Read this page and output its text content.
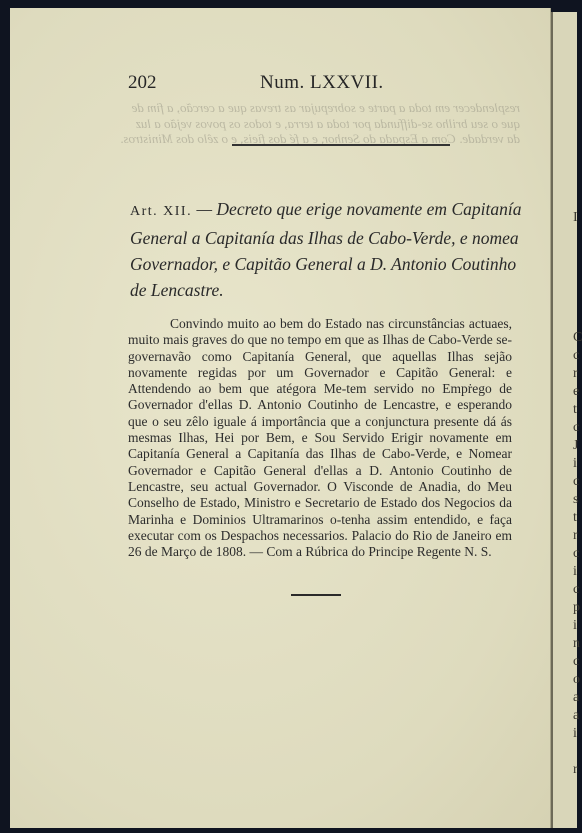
I
C
c
r
e
t
c
J
i
c
s
t
r
c
i
c
p
i
n
c
o
a
a
i
r
resplendecer em toda a parte e sobrepujar as trevas que a cercão, a fim de que o seu brilho se-diffunda por toda a terra, e todos os povos vejão a luz da verdade. Com a Espada do Senhor, e a fé dos fieis, e o zêlo dos Ministros.
202	Num. LXXVII.
Art. XII. — Decreto que erige novamente em Capitanía General a Capitanía das Ilhas de Cabo-Verde, e nomea Governador, e Capitão General a D. Antonio Coutinho de Lencastre.

Convindo muito ao bem do Estado nas circunstâncias actuaes, muito mais graves do que no tempo em que as Ilhas de Cabo-Verde se-governavão como Capitanía General, que aquellas Ilhas sejão novamente regidas por um Governador e Capitão General: e Attendendo ao bem que atégora Me-tem servido no Empṙego de Governador d'ellas D. Antonio Coutinho de Lencastre, e esperando que o seu zêlo iguale á importância que a conjunctura presente dá ás mesmas Ilhas, Hei por Bem, e Sou Servido Erigir novamente em Capitanía General a Capitanía das Ilhas de Cabo-Verde, e Nomear Governador e Capitão General d'ellas a D. Antonio Coutinho de Lencastre, seu actual Governador. O Visconde de Anadia, do Meu Conselho de Estado, Ministro e Secretario de Estado dos Negocios da Marinha e Dominios Ultramarinos o-tenha assim entendido, e faça executar com os Despachos necessarios. Palacio do Rio de Janeiro em 26 de Março de 1808. — Com a Rúbrica do Principe Regente N. S.
